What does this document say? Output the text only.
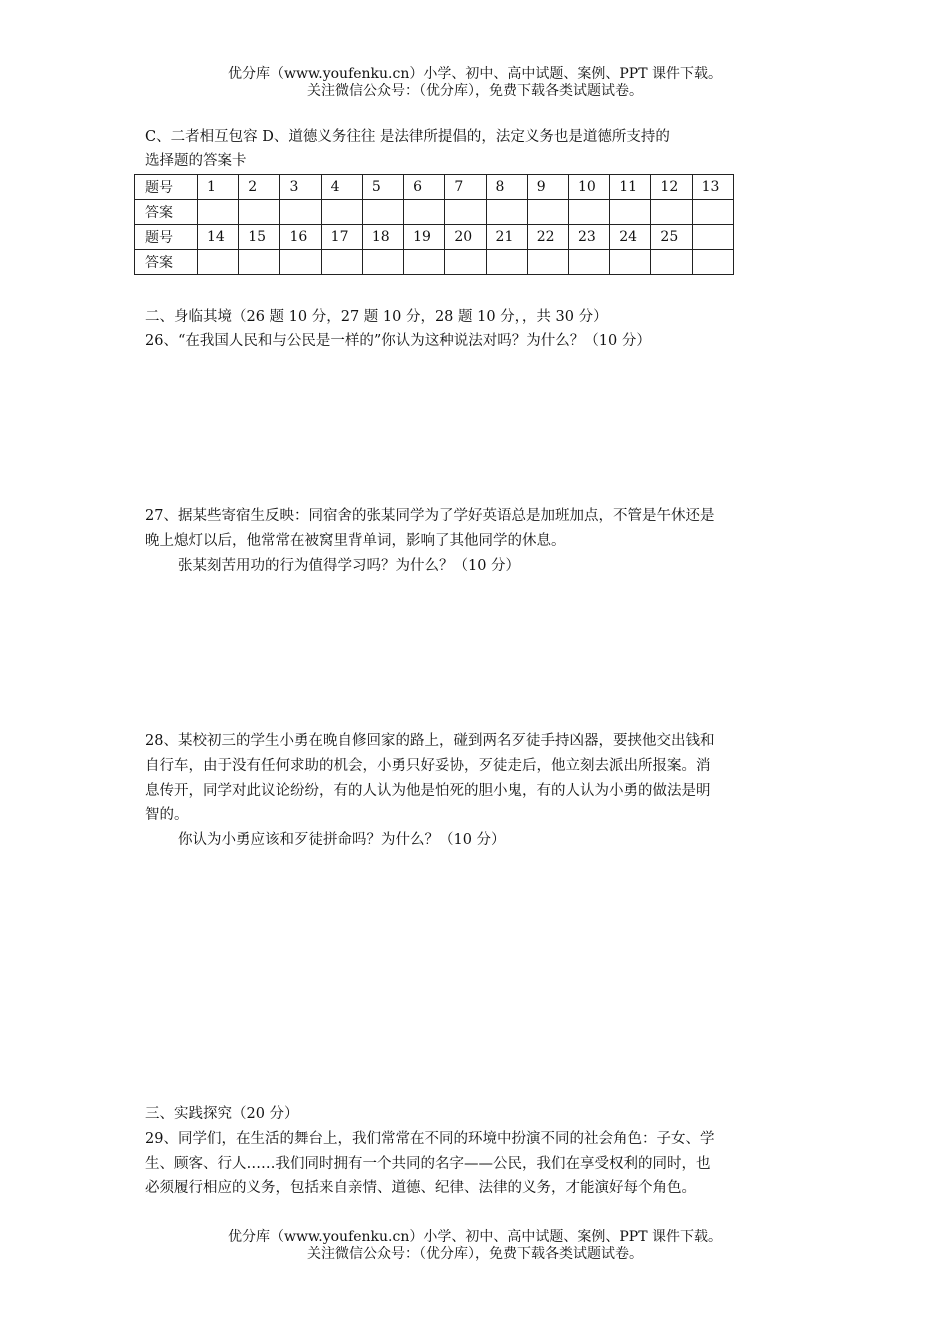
优分库（www.youfenku.cn）小学、初中、高中试题、案例、PPT 课件下载。
关注微信公众号：（优分库），免费下载各类试题试卷。
C、二者相互包容 D、道德义务往往 是法律所提倡的，法定义务也是道德所支持的
选择题的答案卡
题号	1	2	3	4	5	6	7	8	9	10	11	12	13
答案													
题号	14	15	16	17	18	19	20	21	22	23	24	25	
答案													
二、身临其境（26 题 10 分，27 题 10 分，28 题 10 分，，共 30 分）
26、“在我国人民和与公民是一样的”你认为这种说法对吗？为什么？（10 分）
27、据某些寄宿生反映：同宿舍的张某同学为了学好英语总是加班加点，不管是午休还是
晚上熄灯以后，他常常在被窝里背单词，影响了其他同学的休息。
张某刻苦用功的行为值得学习吗？为什么？（10 分）
28、某校初三的学生小勇在晚自修回家的路上，碰到两名歹徒手持凶器，要挟他交出钱和
自行车，由于没有任何求助的机会，小勇只好妥协，歹徒走后，他立刻去派出所报案。消
息传开，同学对此议论纷纷，有的人认为他是怕死的胆小鬼，有的人认为小勇的做法是明
智的。
你认为小勇应该和歹徒拼命吗？为什么？（10 分）
三、实践探究（20 分）
29、同学们，在生活的舞台上，我们常常在不同的环境中扮演不同的社会角色：子女、学
生、顾客、行人……我们同时拥有一个共同的名字——公民，我们在享受权利的同时，也
必须履行相应的义务，包括来自亲情、道德、纪律、法律的义务，才能演好每个角色。
优分库（www.youfenku.cn）小学、初中、高中试题、案例、PPT 课件下载。
关注微信公众号：（优分库），免费下载各类试题试卷。
